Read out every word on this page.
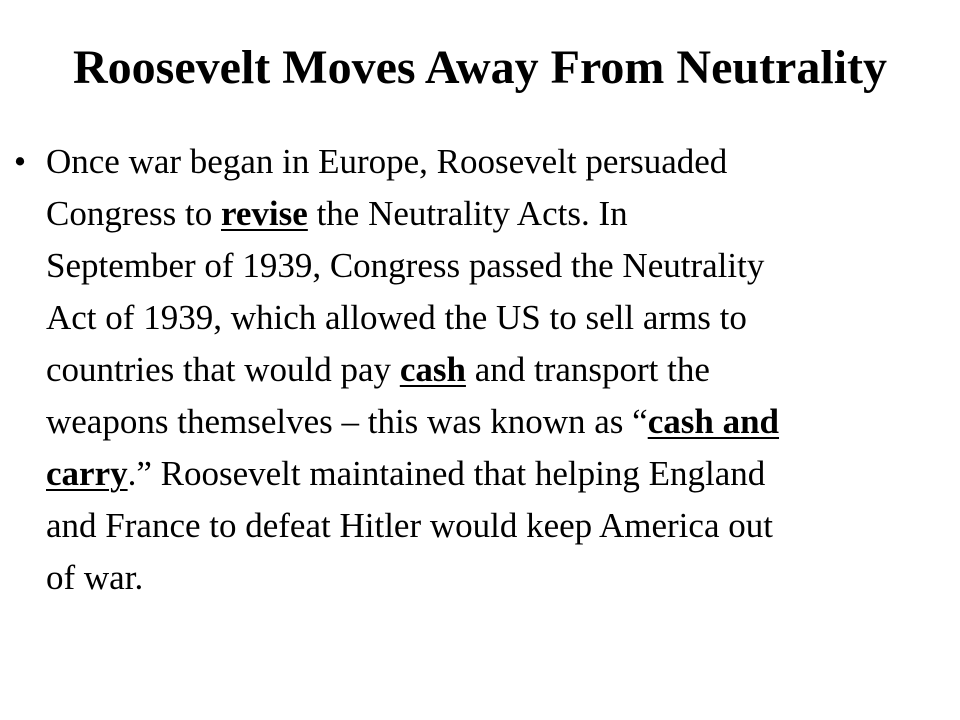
Roosevelt Moves Away From Neutrality
• Once war began in Europe, Roosevelt persuaded
Congress to revise the Neutrality Acts. In
September of 1939, Congress passed the Neutrality
Act of 1939, which allowed the US to sell arms to
countries that would pay cash and transport the
weapons themselves – this was known as “cash and
carry.” Roosevelt maintained that helping England
and France to defeat Hitler would keep America out
of war.
